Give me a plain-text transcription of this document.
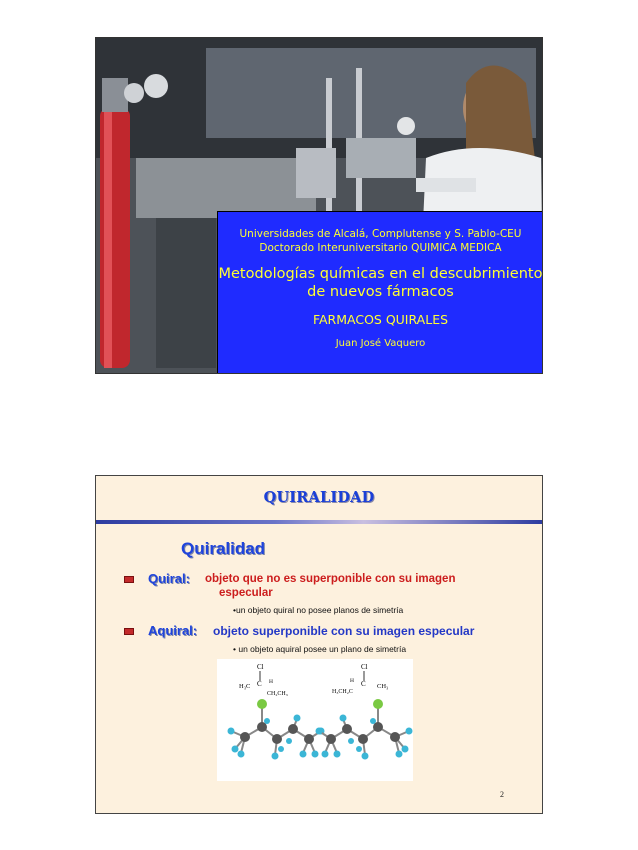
Universidades de Alcalá, Complutense y S. Pablo-CEU
Doctorado Interuniversitario QUIMICA MEDICA
Metodologías químicas en el descubrimiento
de nuevos fármacos
FARMACOS QUIRALES
Juan José Vaquero
QUIRALIDAD
Quiralidad
Quiral: objeto que no es superponible con su imagen
especular
•un objeto quiral no posee planos de simetría
Aquiral: objeto superponible con su imagen especular
• un objeto aquiral posee un plano de simetría
Cl
H₃C C H
CH₂CH₃
Cl
H C
H₃CH₂C
CH₃
2
